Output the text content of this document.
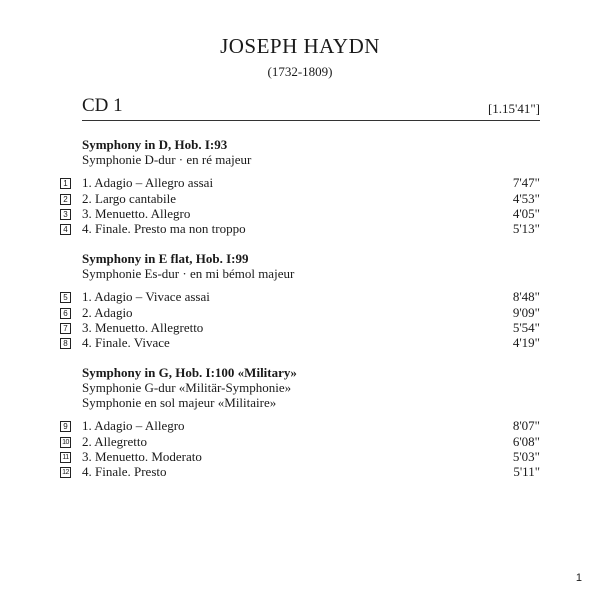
JOSEPH HAYDN
(1732-1809)
CD 1	[1.15'41"]
Symphony in D, Hob. I:93
Symphonie D-dur · en ré majeur
1 1. Adagio – Allegro assai	7'47"
2 2. Largo cantabile	4'53"
3 3. Menuetto. Allegro	4'05"
4 4. Finale. Presto ma non troppo	5'13"
Symphony in E flat, Hob. I:99
Symphonie Es-dur · en mi bémol majeur
5 1. Adagio – Vivace assai	8'48"
6 2. Adagio	9'09"
7 3. Menuetto. Allegretto	5'54"
8 4. Finale. Vivace	4'19"
Symphony in G, Hob. I:100 «Military»
Symphonie G-dur «Militär-Symphonie»
Symphonie en sol majeur «Militaire»
9 1. Adagio – Allegro	8'07"
10 2. Allegretto	6'08"
11 3. Menuetto. Moderato	5'03"
12 4. Finale. Presto	5'11"
1
